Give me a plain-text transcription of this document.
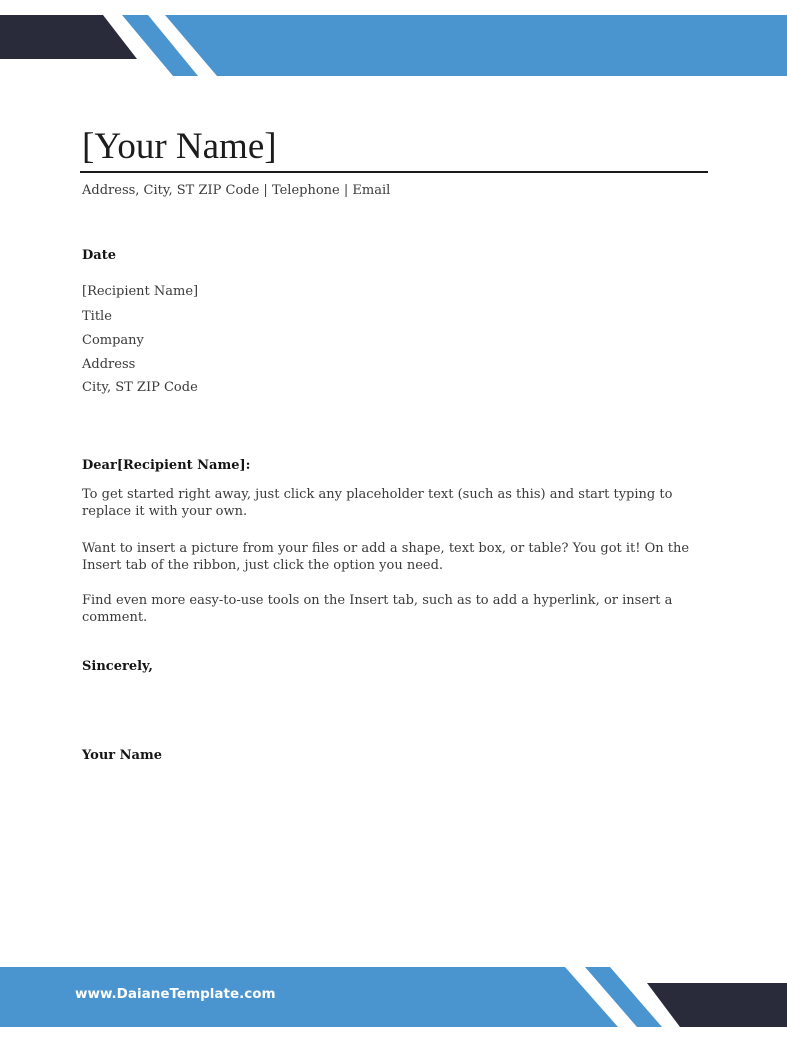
[Your Name]
Address, City, ST ZIP Code | Telephone | Email
Date
[Recipient Name]
Title
Company
Address
City, ST ZIP Code
Dear[Recipient Name]:
To get started right away, just click any placeholder text (such as this) and start typing to replace it with your own.
Want to insert a picture from your files or add a shape, text box, or table? You got it! On the Insert tab of the ribbon, just click the option you need.
Find even more easy-to-use tools on the Insert tab, such as to add a hyperlink, or insert a comment.
Sincerely,
Your Name
www.DaianeTemplate.com
